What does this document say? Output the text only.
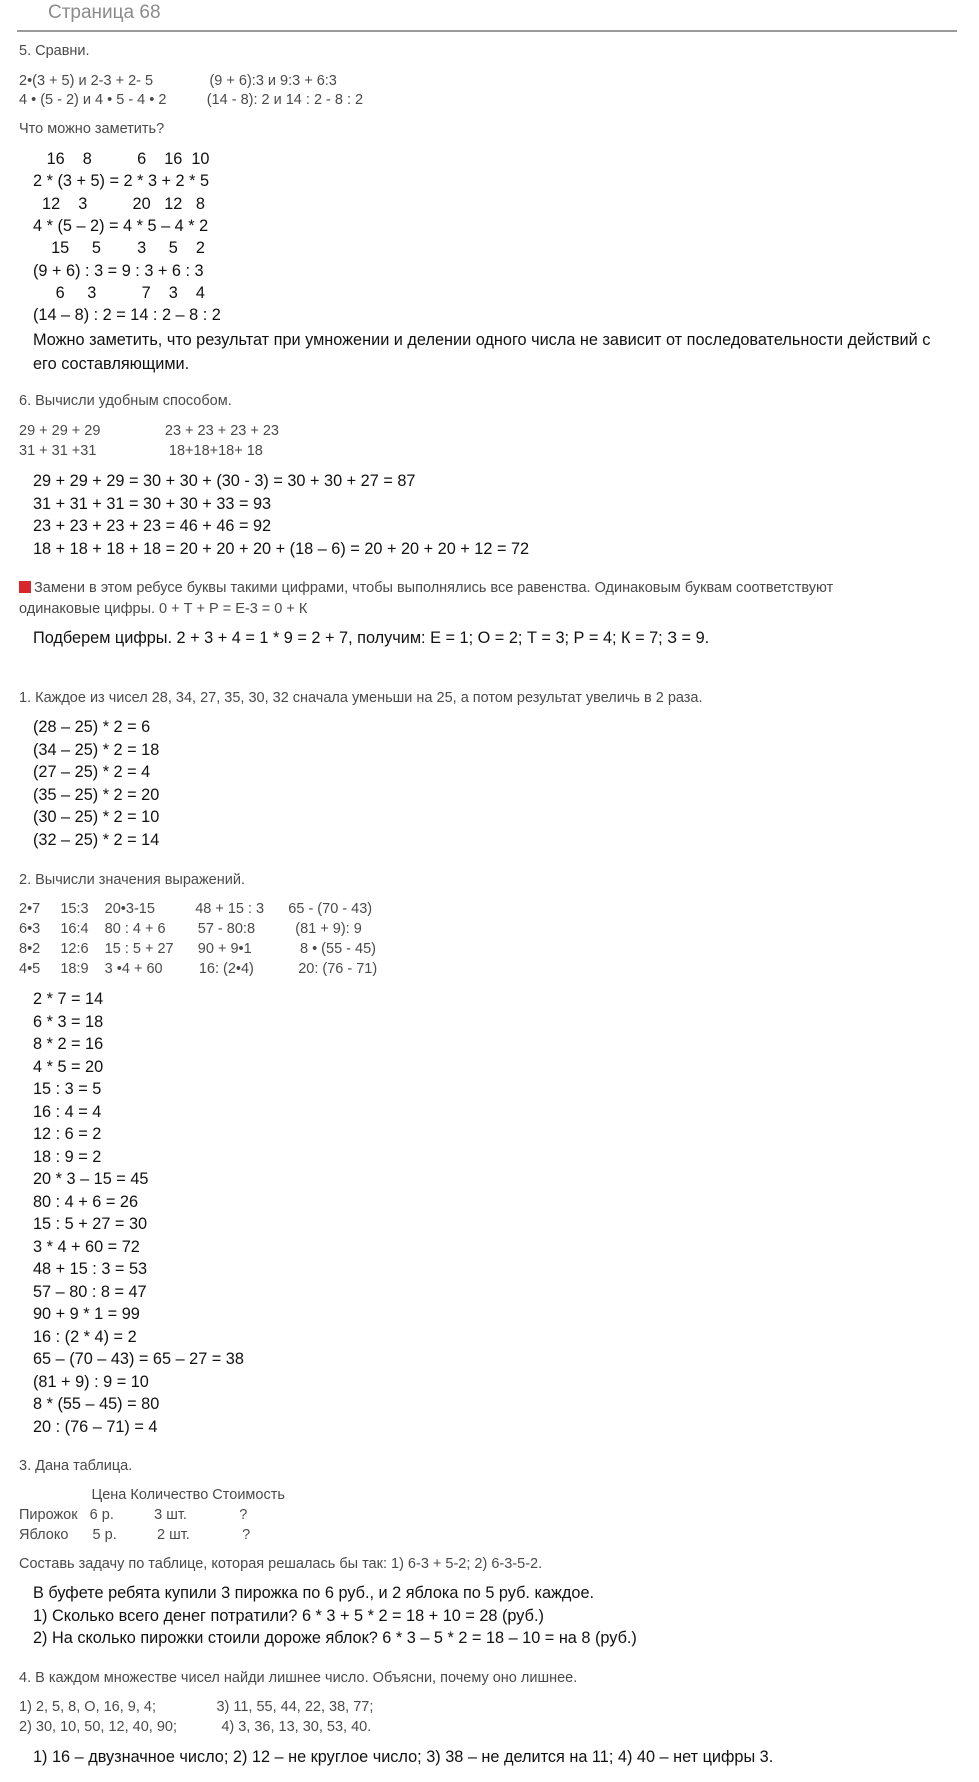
Страница 68
5. Сравни.
2•(3 + 5) и 2-3 + 2- 5              (9 + 6):3 и 9:3 + 6:3
4 • (5 - 2) и 4 • 5 - 4 • 2          (14 - 8): 2 и 14 : 2 - 8 : 2
Что можно заметить?
16    8          6    16  10
2 * (3 + 5) = 2 * 3 + 2 * 5
12    3          20   12   8
4 * (5 – 2) = 4 * 5 – 4 * 2
15     5        3     5    2
(9 + 6) : 3 = 9 : 3 + 6 : 3
6     3          7    3    4
(14 – 8) : 2 = 14 : 2 – 8 : 2
Можно заметить, что результат при умножении и делении одного числа не зависит от последовательности действий с его составляющими.
6. Вычисли удобным способом.
29 + 29 + 29                23 + 23 + 23 + 23
31 + 31 +31                  18+18+18+ 18
29 + 29 + 29 = 30 + 30 + (30 - 3) = 30 + 30 + 27 = 87
31 + 31 + 31 = 30 + 30 + 33 = 93
23 + 23 + 23 + 23 = 46 + 46 = 92
18 + 18 + 18 + 18 = 20 + 20 + 20 + (18 – 6) = 20 + 20 + 20 + 12 = 72
Замени в этом ребусе буквы такими цифрами, чтобы выполнялись все равенства. Одинаковым буквам соответствуют
одинаковые цифры. 0 + Т + Р = Е-3 = 0 + К
Подберем цифры. 2 + 3 + 4 = 1 * 9 = 2 + 7, получим: Е = 1; О = 2; Т = 3; Р = 4; К = 7; З = 9.
1. Каждое из чисел 28, 34, 27, 35, 30, 32 сначала уменьши на 25, а потом результат увеличь в 2 раза.
(28 – 25) * 2 = 6
(34 – 25) * 2 = 18
(27 – 25) * 2 = 4
(35 – 25) * 2 = 20
(30 – 25) * 2 = 10
(32 – 25) * 2 = 14
2. Вычисли значения выражений.
2•7     15:3    20•3-15          48 + 15 : 3      65 - (70 - 43)
6•3     16:4    80 : 4 + 6        57 - 80:8          (81 + 9): 9
8•2     12:6    15 : 5 + 27      90 + 9•1            8 • (55 - 45)
4•5     18:9    3 •4 + 60         16: (2•4)           20: (76 - 71)
2 * 7 = 14
6 * 3 = 18
8 * 2 = 16
4 * 5 = 20
15 : 3 = 5
16 : 4 = 4
12 : 6 = 2
18 : 9 = 2
20 * 3 – 15 = 45
80 : 4 + 6 = 26
15 : 5 + 27 = 30
3 * 4 + 60 = 72
48 + 15 : 3 = 53
57 – 80 : 8 = 47
90 + 9 * 1 = 99
16 : (2 * 4) = 2
65 – (70 – 43) = 65 – 27 = 38
(81 + 9) : 9 = 10
8 * (55 – 45) = 80
20 : (76 – 71) = 4
3. Дана таблица.
Цена Количество Стоимость
Пирожок   6 р.          3 шт.             ?
Яблоко      5 р.          2 шт.             ?
Составь задачу по таблице, которая решалась бы так: 1) 6-3 + 5-2; 2) 6-3-5-2.
В буфете ребята купили 3 пирожка по 6 руб., и 2 яблока по 5 руб. каждое.
1) Сколько всего денег потратили? 6 * 3 + 5 * 2 = 18 + 10 = 28 (руб.)
2) На сколько пирожки стоили дороже яблок? 6 * 3 – 5 * 2 = 18 – 10 = на 8 (руб.)
4. В каждом множестве чисел найди лишнее число. Объясни, почему оно лишнее.
1) 2, 5, 8, О, 16, 9, 4;               3) 11, 55, 44, 22, 38, 77;
2) 30, 10, 50, 12, 40, 90;           4) 3, 36, 13, 30, 53, 40.
1) 16 – двузначное число; 2) 12 – не круглое число; 3) 38 – не делится на 11; 4) 40 – нет цифры 3.
